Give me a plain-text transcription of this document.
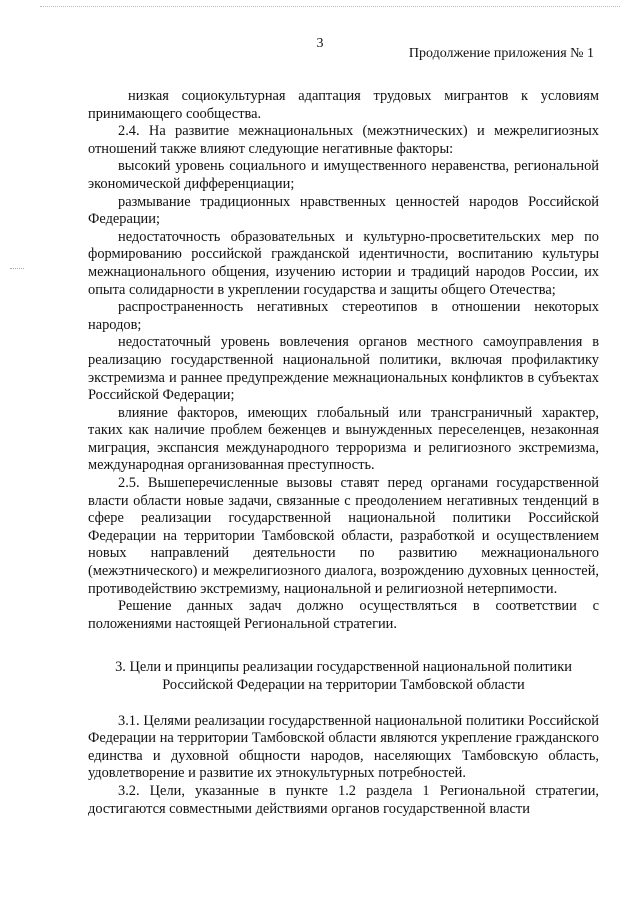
3
Продолжение приложения № 1

низкая социокультурная адаптация трудовых мигрантов к условиям принимающего сообщества.

2.4. На развитие межнациональных (межэтнических) и межрелигиозных отношений также влияют следующие негативные факторы:

высокий уровень социального и имущественного неравенства, региональной экономической дифференциации;

размывание традиционных нравственных ценностей народов Российской Федерации;

недостаточность образовательных и культурно-просветительских мер по формированию российской гражданской идентичности, воспитанию культуры межнационального общения, изучению истории и традиций народов России, их опыта солидарности в укреплении государства и защиты общего Отечества;

распространенность негативных стереотипов в отношении некоторых народов;

недостаточный уровень вовлечения органов местного самоуправления в реализацию государственной национальной политики, включая профилактику экстремизма и раннее предупреждение межнациональных конфликтов в субъектах Российской Федерации;

влияние факторов, имеющих глобальный или трансграничный характер, таких как наличие проблем беженцев и вынужденных переселенцев, незаконная миграция, экспансия международного терроризма и религиозного экстремизма, международная организованная преступность.

2.5. Вышеперечисленные вызовы ставят перед органами государственной власти области новые задачи, связанные с преодолением негативных тенденций в сфере реализации государственной национальной политики Российской Федерации на территории Тамбовской области, разработкой и осуществлением новых направлений деятельности по развитию межнационального (межэтнического) и межрелигиозного диалога, возрождению духовных ценностей, противодействию экстремизму, национальной и религиозной нетерпимости.

Решение данных задач должно осуществляться в соответствии с положениями настоящей Региональной стратегии.

3. Цели и принципы реализации государственной национальной политики
Российской Федерации на территории Тамбовской области

3.1. Целями реализации государственной национальной политики Российской Федерации на территории Тамбовской области являются укрепление гражданского единства и духовной общности народов, населяющих Тамбовскую область, удовлетворение и развитие их этнокультурных потребностей.

3.2. Цели, указанные в пункте 1.2 раздела 1 Региональной стратегии, достигаются совместными действиями органов государственной власти
